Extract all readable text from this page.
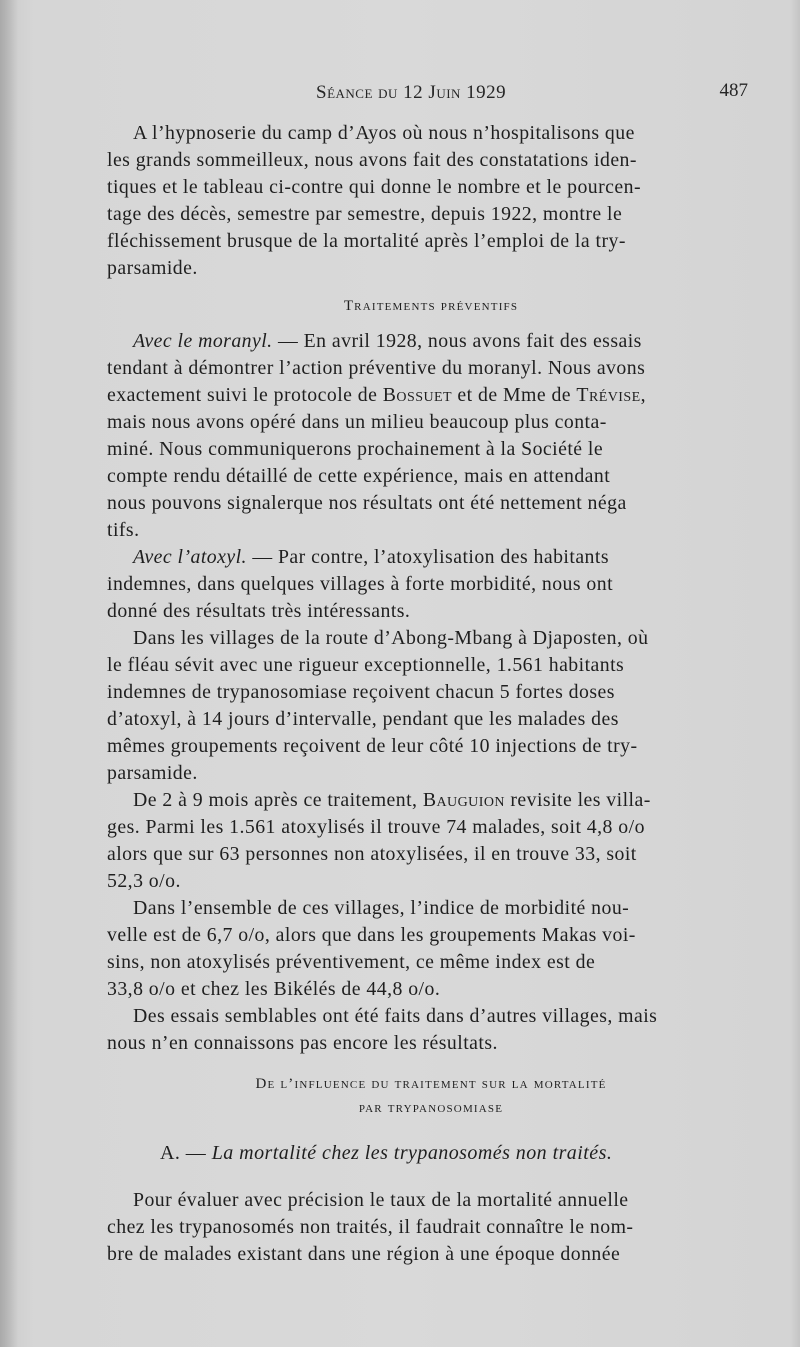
Séance du 12 Juin 1929	487
A l’hypnoserie du camp d’Ayos où nous n’hospitalisons que
les grands sommeilleux, nous avons fait des constatations iden-
tiques et le tableau ci-contre qui donne le nombre et le pourcen-
tage des décès, semestre par semestre, depuis 1922, montre le
fléchissement brusque de la mortalité après l’emploi de la try-
parsamide.
Traitements préventifs
Avec le moranyl. — En avril 1928, nous avons fait des essais
tendant à démontrer l’action préventive du moranyl. Nous avons
exactement suivi le protocole de Bossuet et de Mme de Trévise,
mais nous avons opéré dans un milieu beaucoup plus conta-
miné. Nous communiquerons prochainement à la Société le
compte rendu détaillé de cette expérience, mais en attendant
nous pouvons signalerque nos résultats ont été nettement néga
tifs.
Avec l’atoxyl. — Par contre, l’atoxylisation des habitants
indemnes, dans quelques villages à forte morbidité, nous ont
donné des résultats très intéressants.
Dans les villages de la route d’Abong-Mbang à Djaposten, où
le fléau sévit avec une rigueur exceptionnelle, 1.561 habitants
indemnes de trypanosomiase reçoivent chacun 5 fortes doses
d’atoxyl, à 14 jours d’intervalle, pendant que les malades des
mêmes groupements reçoivent de leur côté 10 injections de try-
parsamide.
De 2 à 9 mois après ce traitement, Bauguion revisite les villa-
ges. Parmi les 1.561 atoxylisés il trouve 74 malades, soit 4,8 o/o
alors que sur 63 personnes non atoxylisées, il en trouve 33, soit
52,3 o/o.
Dans l’ensemble de ces villages, l’indice de morbidité nou-
velle est de 6,7 o/o, alors que dans les groupements Makas voi-
sins, non atoxylisés préventivement, ce même index est de
33,8 o/o et chez les Bikélés de 44,8 o/o.
Des essais semblables ont été faits dans d’autres villages, mais
nous n’en connaissons pas encore les résultats.
De l’influence du traitement sur la mortalité
par trypanosomiase
A. — La mortalité chez les trypanosomés non traités.
Pour évaluer avec précision le taux de la mortalité annuelle
chez les trypanosomés non traités, il faudrait connaître le nom-
bre de malades existant dans une région à une époque donnée
